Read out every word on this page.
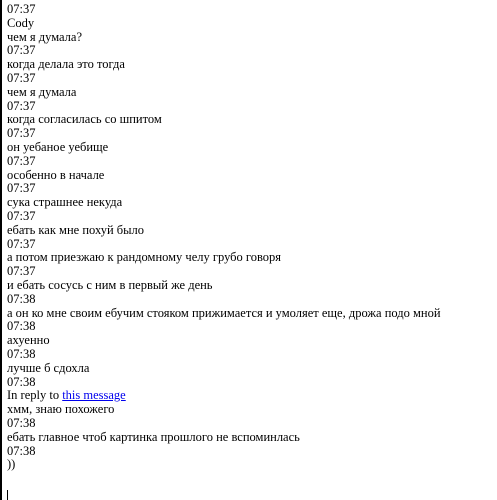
07:37
Cody
чем я думала?
07:37
когда делала это тогда
07:37
чем я думала
07:37
когда согласилась со шпитом
07:37
он уебаное уебище
07:37
особенно в начале
07:37
сука страшнее некуда
07:37
ебать как мне похуй было
07:37
а потом приезжаю к рандомному челу грубо говоря
07:37
и ебать сосусь с ним в первый же день
07:38
а он ко мне своим ебучим стояком прижимается и умоляет еще, дрожа подо мной
07:38
ахуенно
07:38
лучше б сдохла
07:38
In reply to this message
хмм, знаю похожего
07:38
ебать главное чтоб картинка прошлого не вспоминлась
07:38
))
